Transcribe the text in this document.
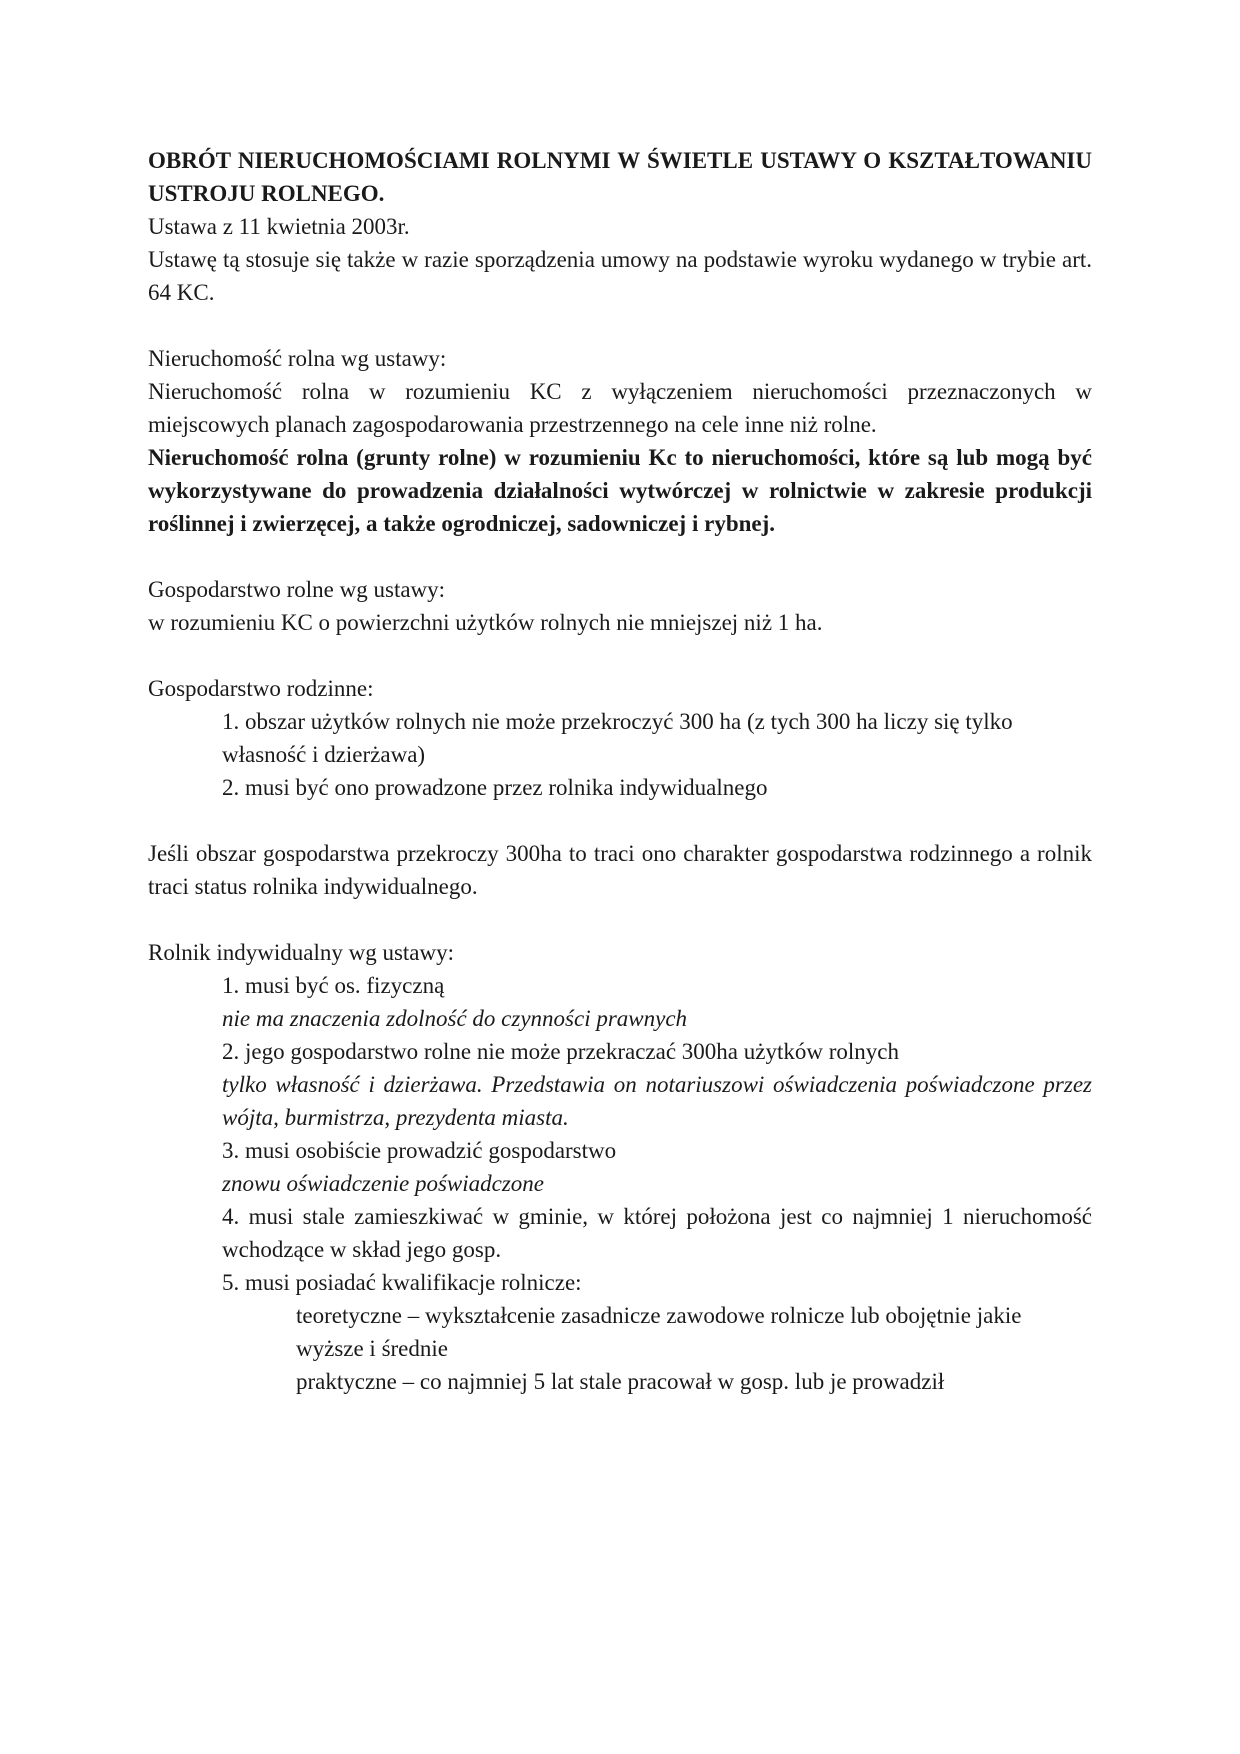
OBRÓT NIERUCHOMOŚCIAMI ROLNYMI W ŚWIETLE USTAWY O KSZTAŁTOWANIU USTROJU ROLNEGO.

Ustawa z 11 kwietnia 2003r.

Ustawę tą stosuje się także w razie sporządzenia umowy na podstawie wyroku wydanego w trybie art. 64 KC.

Nieruchomość rolna wg ustawy:

Nieruchomość rolna w rozumieniu KC z wyłączeniem nieruchomości przeznaczonych w miejscowych planach zagospodarowania przestrzennego na cele inne niż rolne.

Nieruchomość rolna (grunty rolne) w rozumieniu Kc to nieruchomości, które są lub mogą być wykorzystywane do prowadzenia działalności wytwórczej w rolnictwie w zakresie produkcji roślinnej i zwierzęcej, a także ogrodniczej, sadowniczej i rybnej.

Gospodarstwo rolne wg ustawy:

w rozumieniu KC o powierzchni użytków rolnych nie mniejszej niż 1 ha.

Gospodarstwo rodzinne:

1. obszar użytków rolnych nie może przekroczyć 300 ha (z tych 300 ha liczy się tylko własność i dzierżawa)

2. musi być ono prowadzone przez rolnika indywidualnego

Jeśli obszar gospodarstwa przekroczy 300ha to traci ono charakter gospodarstwa rodzinnego a rolnik traci status rolnika indywidualnego.

Rolnik indywidualny wg ustawy:

1. musi być os. fizyczną

nie ma znaczenia zdolność do czynności prawnych

2. jego gospodarstwo rolne nie może przekraczać 300ha użytków rolnych

tylko własność i dzierżawa. Przedstawia on notariuszowi oświadczenia poświadczone przez wójta, burmistrza, prezydenta miasta.

3. musi osobiście prowadzić gospodarstwo

znowu oświadczenie poświadczone

4. musi stale zamieszkiwać w gminie, w której położona jest co najmniej 1 nieruchomość wchodzące w skład jego gosp.

5. musi posiadać kwalifikacje rolnicze:

teoretyczne – wykształcenie zasadnicze zawodowe rolnicze lub obojętnie jakie wyższe i średnie

praktyczne – co najmniej 5 lat stale pracował w gosp. lub je prowadził
